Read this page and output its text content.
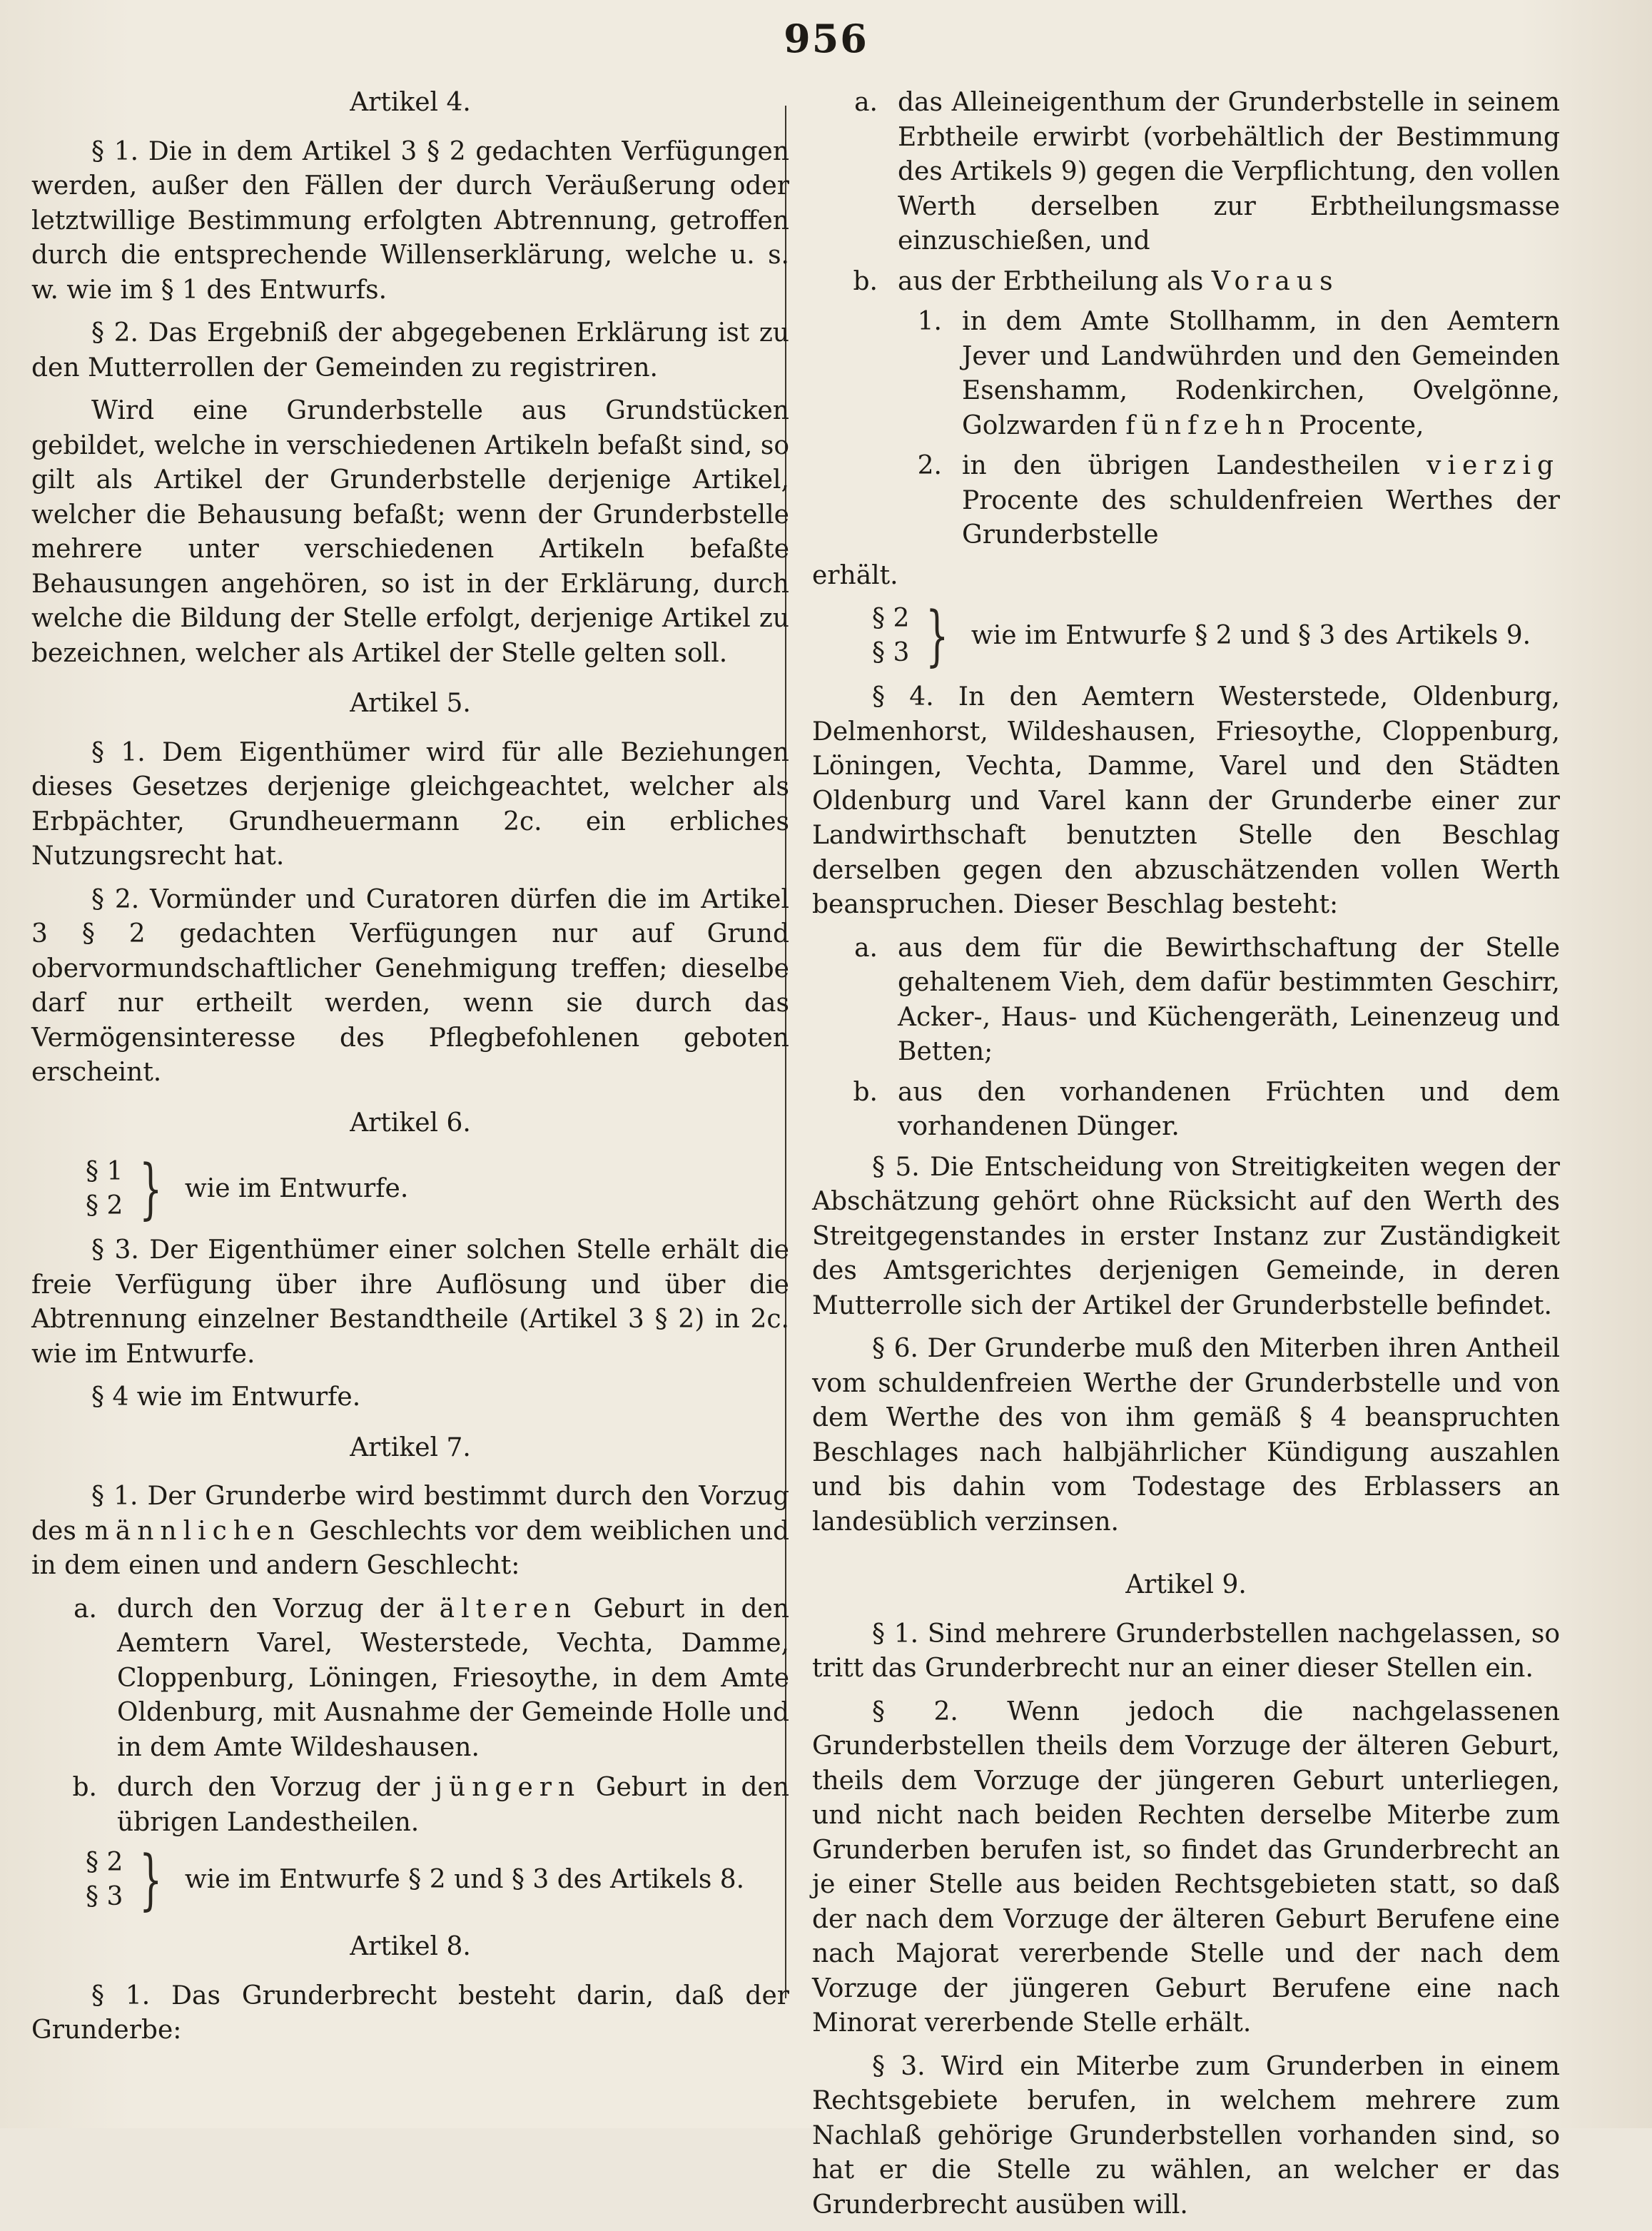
956
Artikel 4.

§ 1. Die in dem Artikel 3 § 2 gedachten Verfügungen werden, außer den Fällen der durch Veräußerung oder letztwillige Bestimmung erfolgten Abtrennung, getroffen durch die entsprechende Willenserklärung, welche u. s. w. wie im § 1 des Entwurfs.

§ 2. Das Ergebniß der abgegebenen Erklärung ist zu den Mutterrollen der Gemeinden zu registriren.

Wird eine Grunderbstelle aus Grundstücken gebildet, welche in verschiedenen Artikeln befaßt sind, so gilt als Artikel der Grunderbstelle derjenige Artikel, welcher die Behausung befaßt; wenn der Grunderbstelle mehrere unter verschiedenen Artikeln befaßte Behausungen angehören, so ist in der Erklärung, durch welche die Bildung der Stelle erfolgt, derjenige Artikel zu bezeichnen, welcher als Artikel der Stelle gelten soll.

Artikel 5.

§ 1. Dem Eigenthümer wird für alle Beziehungen dieses Gesetzes derjenige gleichgeachtet, welcher als Erbpächter, Grundheuermann 2c. ein erbliches Nutzungsrecht hat.

§ 2. Vormünder und Curatoren dürfen die im Artikel 3 § 2 gedachten Verfügungen nur auf Grund obervormundschaftlicher Genehmigung treffen; dieselbe darf nur ertheilt werden, wenn sie durch das Vermögensinteresse des Pflegbefohlenen geboten erscheint.

Artikel 6.
§ 1
§ 2 } wie im Entwurfe.

§ 3. Der Eigenthümer einer solchen Stelle erhält die freie Verfügung über ihre Auflösung und über die Abtrennung einzelner Bestandtheile (Artikel 3 § 2) in 2c. wie im Entwurfe.

§ 4 wie im Entwurfe.

Artikel 7.

§ 1. Der Grunderbe wird bestimmt durch den Vorzug des männlichen Geschlechts vor dem weiblichen und in dem einen und andern Geschlecht:

a. durch den Vorzug der älteren Geburt in den Aemtern Varel, Westerstede, Vechta, Damme, Cloppenburg, Löningen, Friesoythe, in dem Amte Oldenburg, mit Ausnahme der Gemeinde Holle und in dem Amte Wildeshausen.
b. durch den Vorzug der jüngern Geburt in den übrigen Landestheilen.
§ 2
§ 3 } wie im Entwurfe § 2 und § 3 des Artikels 8.
Artikel 8.

§ 1. Das Grunderbrecht besteht darin, daß der Grunderbe:

a. das Alleineigenthum der Grunderbstelle in seinem Erbtheile erwirbt (vorbehältlich der Bestimmung des Artikels 9) gegen die Verpflichtung, den vollen Werth derselben zur Erbtheilungsmasse einzuschießen, und
b. aus der Erbtheilung als Voraus
1. in dem Amte Stollhamm, in den Aemtern Jever und Landwührden und den Gemeinden Esenshamm, Rodenkirchen, Ovelgönne, Golzwarden fünfzehn Procente,
2. in den übrigen Landestheilen vierzig Procente des schuldenfreien Werthes der Grunderbstelle

erhält.

§ 2
§ 3 } wie im Entwurfe § 2 und § 3 des Artikels 9.

§ 4. In den Aemtern Westerstede, Oldenburg, Delmenhorst, Wildeshausen, Friesoythe, Cloppenburg, Löningen, Vechta, Damme, Varel und den Städten Oldenburg und Varel kann der Grunderbe einer zur Landwirthschaft benutzten Stelle den Beschlag derselben gegen den abzuschätzenden vollen Werth beanspruchen. Dieser Beschlag besteht:

a. aus dem für die Bewirthschaftung der Stelle gehaltenem Vieh, dem dafür bestimmten Geschirr, Acker-, Haus- und Küchengeräth, Leinenzeug und Betten;
b. aus den vorhandenen Früchten und dem vorhandenen Dünger.

§ 5. Die Entscheidung von Streitigkeiten wegen der Abschätzung gehört ohne Rücksicht auf den Werth des Streitgegenstandes in erster Instanz zur Zuständigkeit des Amtsgerichtes derjenigen Gemeinde, in deren Mutterrolle sich der Artikel der Grunderbstelle befindet.

§ 6. Der Grunderbe muß den Miterben ihren Antheil vom schuldenfreien Werthe der Grunderbstelle und von dem Werthe des von ihm gemäß § 4 beanspruchten Beschlages nach halbjährlicher Kündigung auszahlen und bis dahin vom Todestage des Erblassers an landesüblich verzinsen.

Artikel 9.

§ 1. Sind mehrere Grunderbstellen nachgelassen, so tritt das Grunderbrecht nur an einer dieser Stellen ein.

§ 2. Wenn jedoch die nachgelassenen Grunderbstellen theils dem Vorzuge der älteren Geburt, theils dem Vorzuge der jüngeren Geburt unterliegen, und nicht nach beiden Rechten derselbe Miterbe zum Grunderben berufen ist, so findet das Grunderbrecht an je einer Stelle aus beiden Rechtsgebieten statt, so daß der nach dem Vorzuge der älteren Geburt Berufene eine nach Majorat vererbende Stelle und der nach dem Vorzuge der jüngeren Geburt Berufene eine nach Minorat vererbende Stelle erhält.

§ 3. Wird ein Miterbe zum Grunderben in einem Rechtsgebiete berufen, in welchem mehrere zum Nachlaß gehörige Grunderbstellen vorhanden sind, so hat er die Stelle zu wählen, an welcher er das Grunderbrecht ausüben will.
